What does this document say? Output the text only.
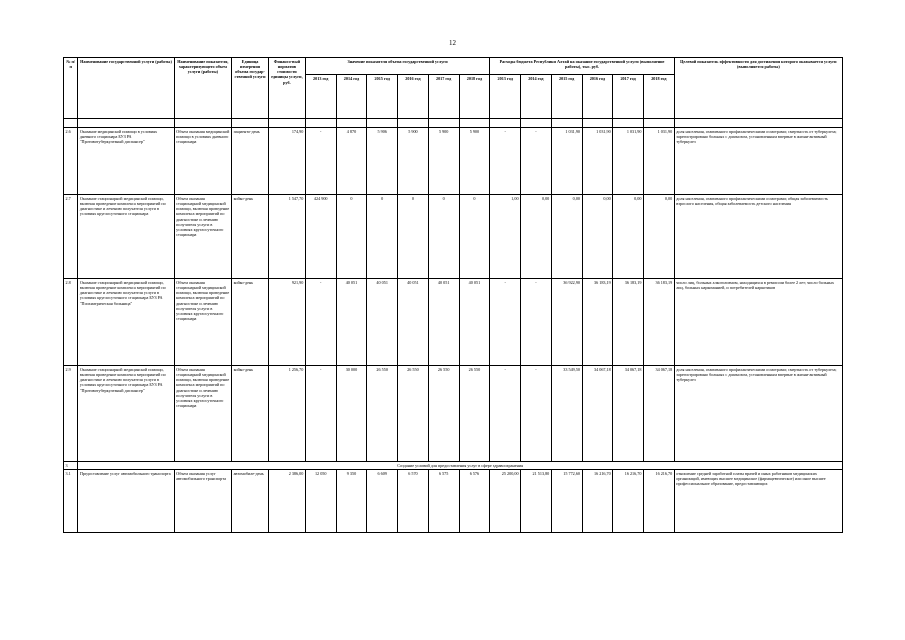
12
№ п/п	Наименование государственной услуги (работы)	Наименование показателя, характеризующего объем услуги (работы)	Единица измерения объема государ-ственной услуги	Финансо-вый норматив стоимости единицы услуги, руб.	Значение показателя объема государственной услуги						Расходы бюджета Республики Алтай на оказание государственной услуги (выполнение работы), тыс. руб.						Целевой показатель эффективности для достижения которого оказывается услуги (выполняется работы)
					2013 год	2014 год	2015 год	2016 год	2017 год	2018 год	2013 год	2014 год	2015 год	2016 год	2017 год	2018 год	

2.6	Оказание медицинской помощи в условиях дневного стационара БУЗ РА "Противотуберкулезный диспансер"	Объем оказания медицинской помощи в условиях дневного стационара	пациенто-день	174,90	-	4 870	5 906	5 900	5 900	5 900	-	-	1 031,90	1 031,90	1 031,90	1 031,90	доля населения, охваченного профилактическими осмотрами; смертность от туберкулеза; зарегистрировано больных с диагнозом, установленным впервые в жизни-активный туберкулез
2.7	Оказание стационарной медицинской помощи, включая проведение комплекса мероприятий по диагностике и лечению получателя услуги в условиях круглосуточного стационара	Объем оказания стационарной медицинской помощи, включая проведение комплекса мероприятий по диагностике и лечению получателя услуги в условиях круглосуточного стационара	койко-день	1 547,70	424 900	0	0	0	0	0	1,00	0,00	0,00	0,00	0,00	0,00	доля населения, охваченного профилактическими осмотрами; общая заболеваемость взрослого населения, общая заболеваемость детского населения
2.8	Оказание стационарной медицинской помощи, включая проведение комплекса мероприятий по диагностике и лечению получателя услуги в условиях круглосуточного стационара БУЗ РА "Психиатрическая больница"	Объем оказания стационарной медицинской помощи, включая проведение комплекса мероприятий по диагностике и лечению получателя услуги в условиях круглосуточного стационара	койко-день	921,90	-	40 051	40 051	40 051	40 051	40 051	-	-	36 922,90	36 183,19	36 183,19	36 183,19	число лиц, больных алкоголизмом, находящихся в ремиссии более 2 лет; число больных лиц, больных наркоманией, и потребителей наркотиков
2.9	Оказание стационарной медицинской помощи, включая проведение комплекса мероприятий по диагностике и лечению получателя услуги в условиях круглосуточного стационара БУЗ РА "Противотуберкулезный диспансер"	Объем оказания стационарной медицинской помощи, включая проведение комплекса мероприятий по диагностике и лечению получателя услуги в условиях круглосуточного стационара	койко-день	1 256,70	-	30 000	26 550	26 550	26 550	26 550	-	-	33 549,50	34 067,18	34 067,18	34 067,18	доля населения, охваченного профилактическими осмотрами; смертность от туберкулеза; зарегистрировано больных с диагнозом, установленным впервые в жизни-активный туберкулез
3	Создание условий для предоставления услуг в сфере здравоохранения																
3.1	Предоставление услуг автомобильного транспорта	Объем оказания услуг автомобильного транспорта	автомобиле-день	2 386,00	12 050	9 350	6 609	6 570	6 575	6 576	25 200,00	21 513,80	15 772,60	16 216,70	16 216,70	16 216,70	отношение средней заработной платы врачей и иных работников медицинских организаций, имеющих высшее медицинское (фармацевтическое) или иное высшее профессиональное образование, предоставляющих
